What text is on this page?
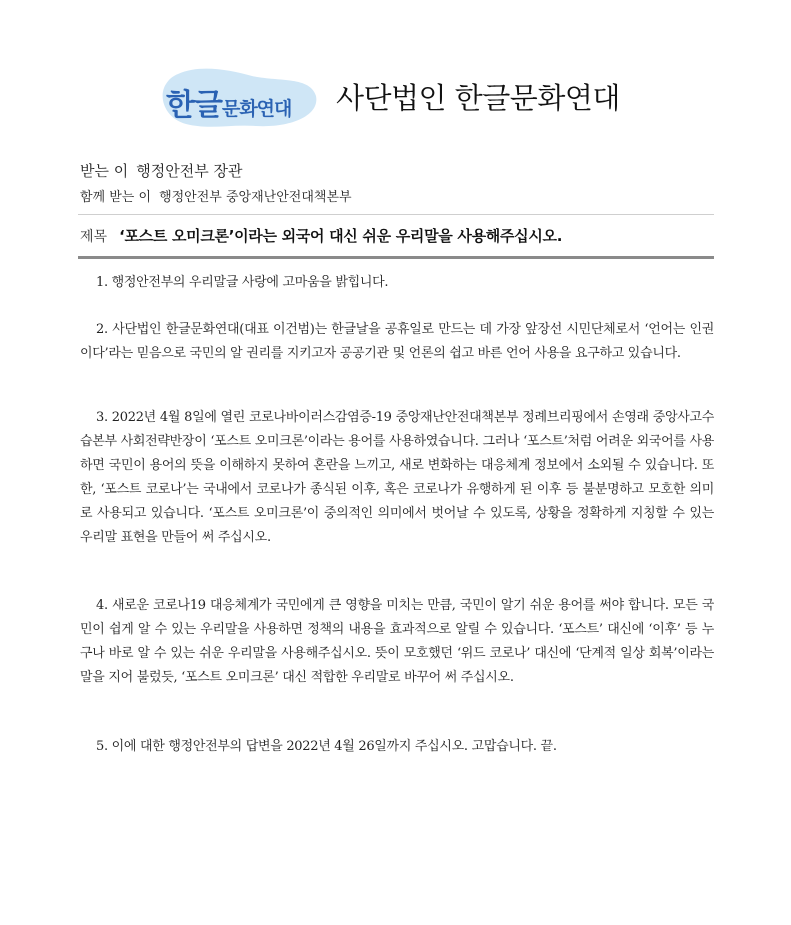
한글문화연대 사단법인 한글문화연대
받는 이 행정안전부 장관
함께 받는 이 행정안전부 중앙재난안전대책본부
제목 ‘포스트 오미크론’이라는 외국어 대신 쉬운 우리말을 사용해주십시오.

1. 행정안전부의 우리말글 사랑에 고마움을 밝힙니다.

2. 사단법인 한글문화연대(대표 이건범)는 한글날을 공휴일로 만드는 데 가장 앞장선 시민단체로서 ‘언어는 인권이다’라는 믿음으로 국민의 알 권리를 지키고자 공공기관 및 언론의 쉽고 바른 언어 사용을 요구하고 있습니다.

3. 2022년 4월 8일에 열린 코로나바이러스감염증-19 중앙재난안전대책본부 정례브리핑에서 손영래 중앙사고수습본부 사회전략반장이 ‘포스트 오미크론’이라는 용어를 사용하였습니다. 그러나 ‘포스트’처럼 어려운 외국어를 사용하면 국민이 용어의 뜻을 이해하지 못하여 혼란을 느끼고, 새로 변화하는 대응체계 정보에서 소외될 수 있습니다. 또한, ‘포스트 코로나’는 국내에서 코로나가 종식된 이후, 혹은 코로나가 유행하게 된 이후 등 불분명하고 모호한 의미로 사용되고 있습니다. ‘포스트 오미크론’이 중의적인 의미에서 벗어날 수 있도록, 상황을 정확하게 지칭할 수 있는 우리말 표현을 만들어 써 주십시오.

4. 새로운 코로나19 대응체계가 국민에게 큰 영향을 미치는 만큼, 국민이 알기 쉬운 용어를 써야 합니다. 모든 국민이 쉽게 알 수 있는 우리말을 사용하면 정책의 내용을 효과적으로 알릴 수 있습니다. ‘포스트’ 대신에 ‘이후’ 등 누구나 바로 알 수 있는 쉬운 우리말을 사용해주십시오. 뜻이 모호했던 ‘위드 코로나’ 대신에 ‘단계적 일상 회복’이라는 말을 지어 불렀듯, ‘포스트 오미크론’ 대신 적합한 우리말로 바꾸어 써 주십시오.

5. 이에 대한 행정안전부의 답변을 2022년 4월 26일까지 주십시오. 고맙습니다. 끝.
